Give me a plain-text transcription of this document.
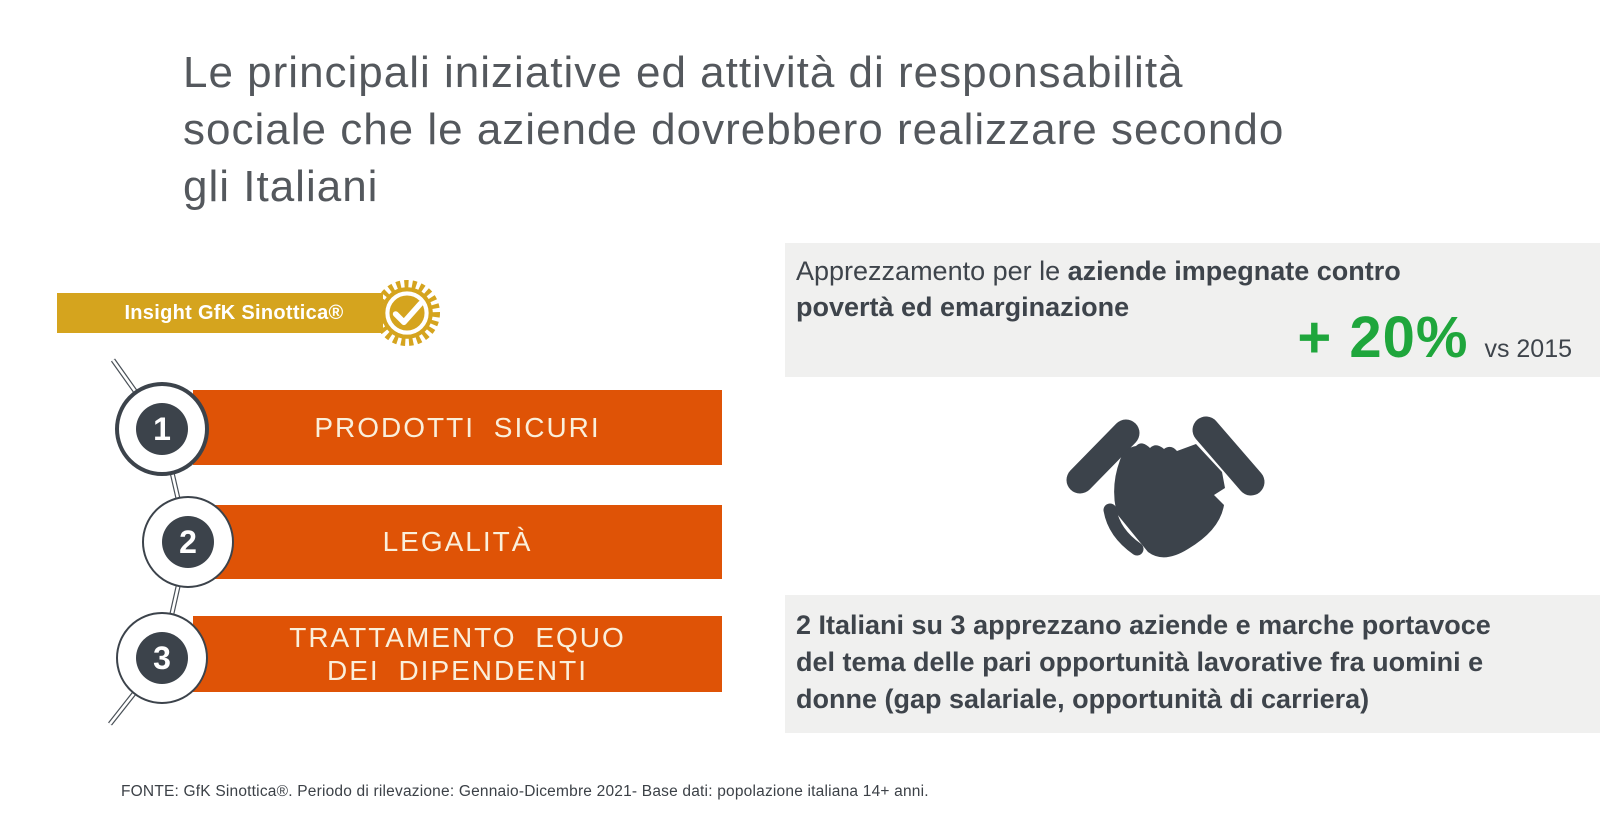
Le principali iniziative ed attività di responsabilità
sociale che le aziende dovrebbero realizzare secondo
gli Italiani
Insight GfK Sinottica®
PRODOTTI SICURI
LEGALITÀ
TRATTAMENTO EQUO
DEI DIPENDENTI
1
2
3
Apprezzamento per le aziende impegnate contro
povertà ed emarginazione	+ 20% vs 2015
2 Italiani su 3 apprezzano aziende e marche portavoce
del tema delle pari opportunità lavorative fra uomini e
donne (gap salariale, opportunità di carriera)
FONTE: GfK Sinottica®. Periodo di rilevazione: Gennaio-Dicembre 2021- Base dati: popolazione italiana 14+ anni.
